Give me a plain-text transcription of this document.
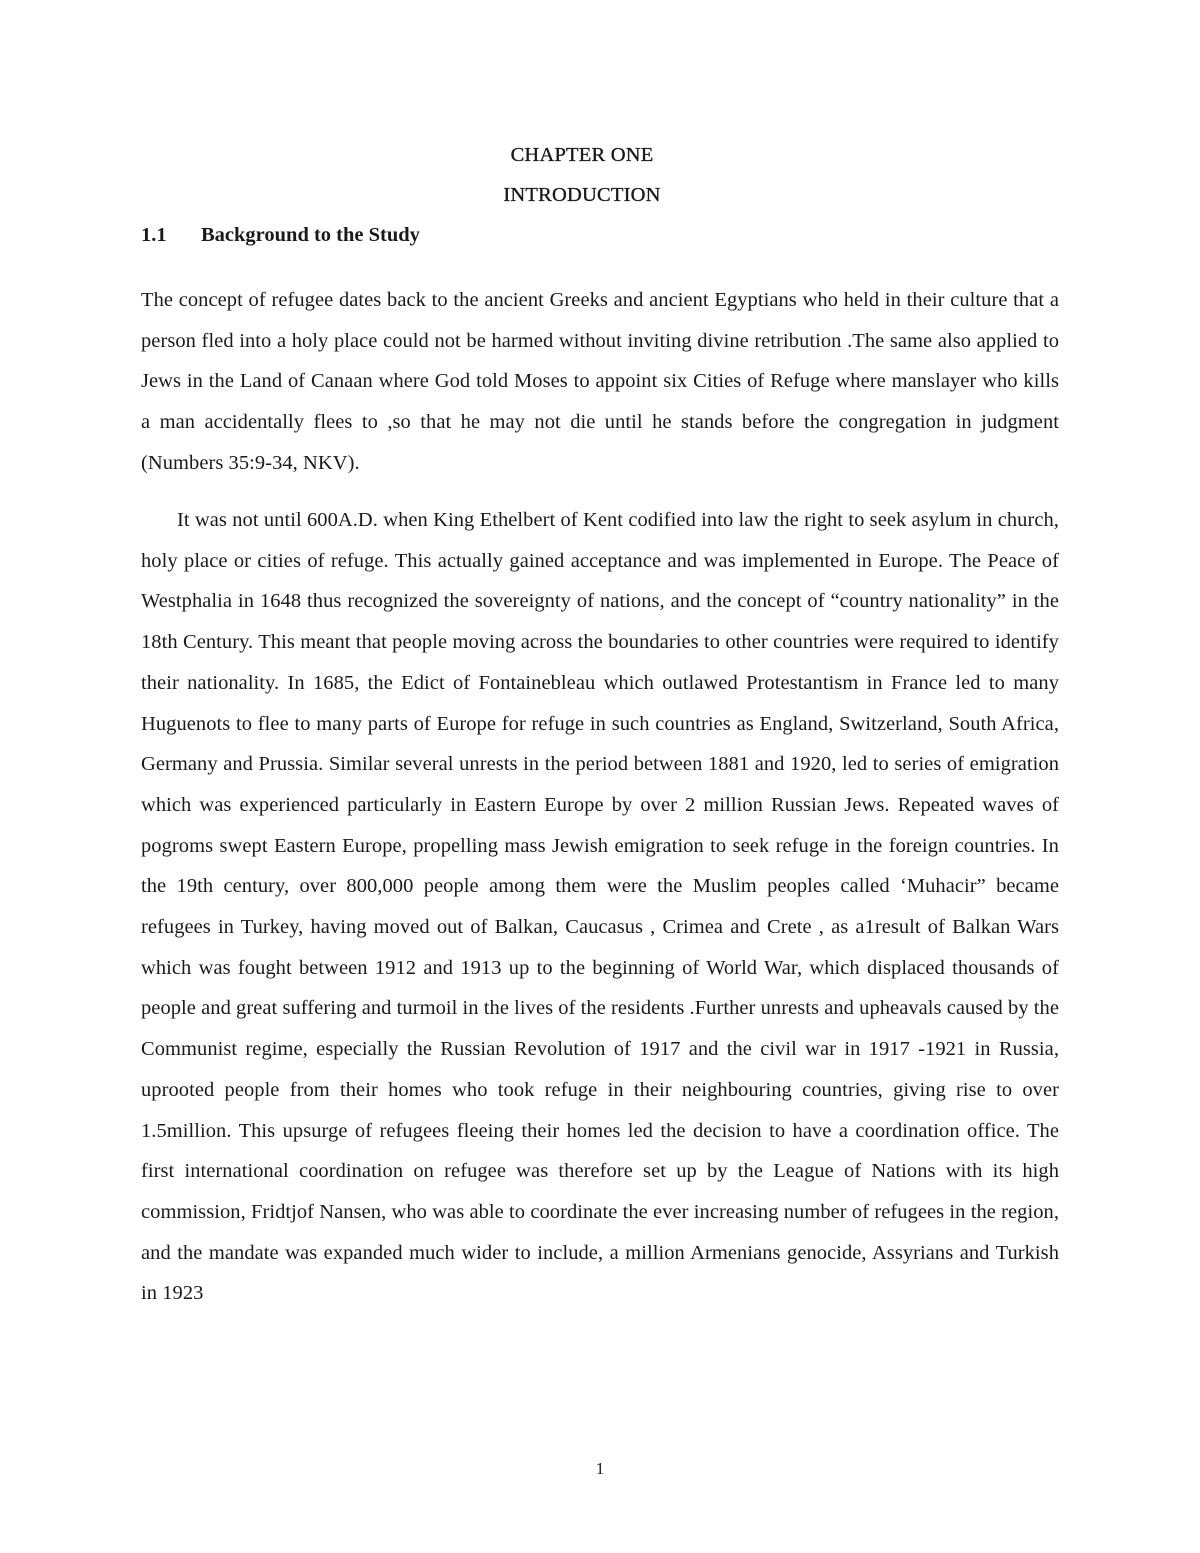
CHAPTER ONE
INTRODUCTION
1.1 Background to the Study

The concept of refugee dates back to the ancient Greeks and ancient Egyptians who held in their culture that a person fled into a holy place could not be harmed without inviting divine retribution .The same also applied to Jews in the Land of Canaan where God told Moses to appoint six Cities of Refuge where manslayer who kills a man accidentally flees to ,so that he may not die until he stands before the congregation in judgment (Numbers 35:9-34, NKV).

It was not until 600A.D. when King Ethelbert of Kent codified into law the right to seek asylum in church, holy place or cities of refuge. This actually gained acceptance and was implemented in Europe. The Peace of Westphalia in 1648 thus recognized the sovereignty of nations, and the concept of “country nationality” in the 18th Century. This meant that people moving across the boundaries to other countries were required to identify their nationality. In 1685, the Edict of Fontainebleau which outlawed Protestantism in France led to many Huguenots to flee to many parts of Europe for refuge in such countries as England, Switzerland, South Africa, Germany and Prussia. Similar several unrests in the period between 1881 and 1920, led to series of emigration which was experienced particularly in Eastern Europe by over 2 million Russian Jews. Repeated waves of pogroms swept Eastern Europe, propelling mass Jewish emigration to seek refuge in the foreign countries. In the 19th century, over 800,000 people among them were the Muslim peoples called ‘Muhacir” became refugees in Turkey, having moved out of Balkan, Caucasus , Crimea and Crete , as a1result of Balkan Wars which was fought between 1912 and 1913 up to the beginning of World War, which displaced thousands of people and great suffering and turmoil in the lives of the residents .Further unrests and upheavals caused by the Communist regime, especially the Russian Revolution of 1917 and the civil war in 1917 -1921 in Russia, uprooted people from their homes who took refuge in their neighbouring countries, giving rise to over 1.5million. This upsurge of refugees fleeing their homes led the decision to have a coordination office. The first international coordination on refugee was therefore set up by the League of Nations with its high commission, Fridtjof Nansen, who was able to coordinate the ever increasing number of refugees in the region, and the mandate was expanded much wider to include, a million Armenians genocide, Assyrians and Turkish in 1923

1
